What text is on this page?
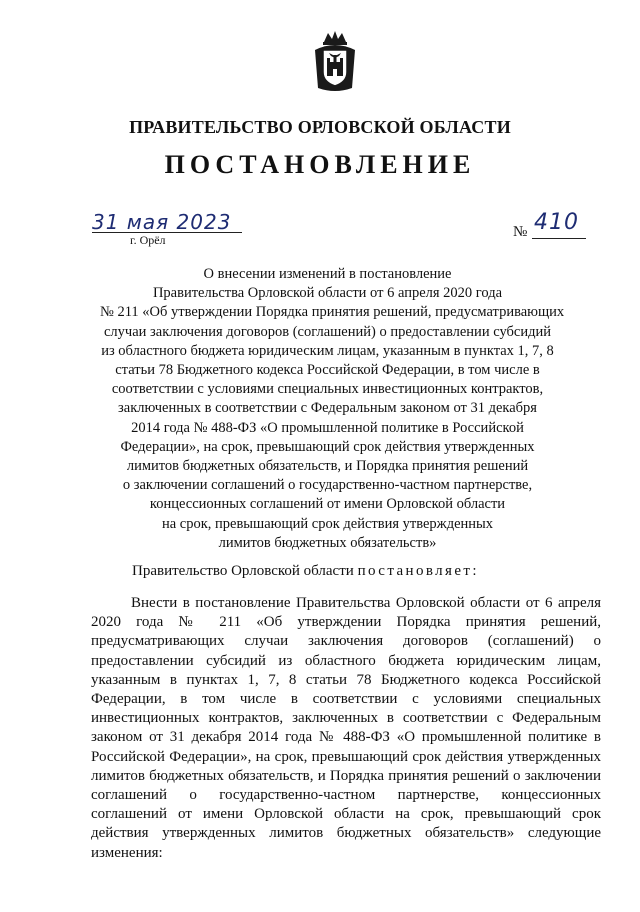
ПРАВИТЕЛЬСТВО ОРЛОВСКОЙ ОБЛАСТИ
ПОСТАНОВЛЕНИЕ
31 мая 2023
г. Орёл	№ 410
О внесении изменений в постановление
Правительства Орловской области от 6 апреля 2020 года
№ 211 «Об утверждении Порядка принятия решений, предусматривающих
случаи заключения договоров (соглашений) о предоставлении субсидий
из областного бюджета юридическим лицам, указанным в пунктах 1, 7, 8
статьи 78 Бюджетного кодекса Российской Федерации, в том числе в
соответствии с условиями специальных инвестиционных контрактов,
заключенных в соответствии с Федеральным законом от 31 декабря
2014 года № 488-ФЗ «О промышленной политике в Российской
Федерации», на срок, превышающий срок действия утвержденных
лимитов бюджетных обязательств, и Порядка принятия решений
о заключении соглашений о государственно-частном партнерстве,
концессионных соглашений от имени Орловской области
на срок, превышающий срок действия утвержденных
лимитов бюджетных обязательств»
Правительство Орловской области постановляет:

Внести в постановление Правительства Орловской области от 6 апреля 2020 года № 211 «Об утверждении Порядка принятия решений, предусматривающих случаи заключения договоров (соглашений) о предоставлении субсидий из областного бюджета юридическим лицам, указанным в пунктах 1, 7, 8 статьи 78 Бюджетного кодекса Российской Федерации, в том числе в соответствии с условиями специальных инвестиционных контрактов, заключенных в соответствии с Федеральным законом от 31 декабря 2014 года № 488-ФЗ «О промышленной политике в Российской Федерации», на срок, превышающий срок действия утвержденных лимитов бюджетных обязательств, и Порядка принятия решений о заключении соглашений о государственно-частном партнерстве, концессионных соглашений от имени Орловской области на срок, превышающий срок действия утвержденных лимитов бюджетных обязательств» следующие изменения:
